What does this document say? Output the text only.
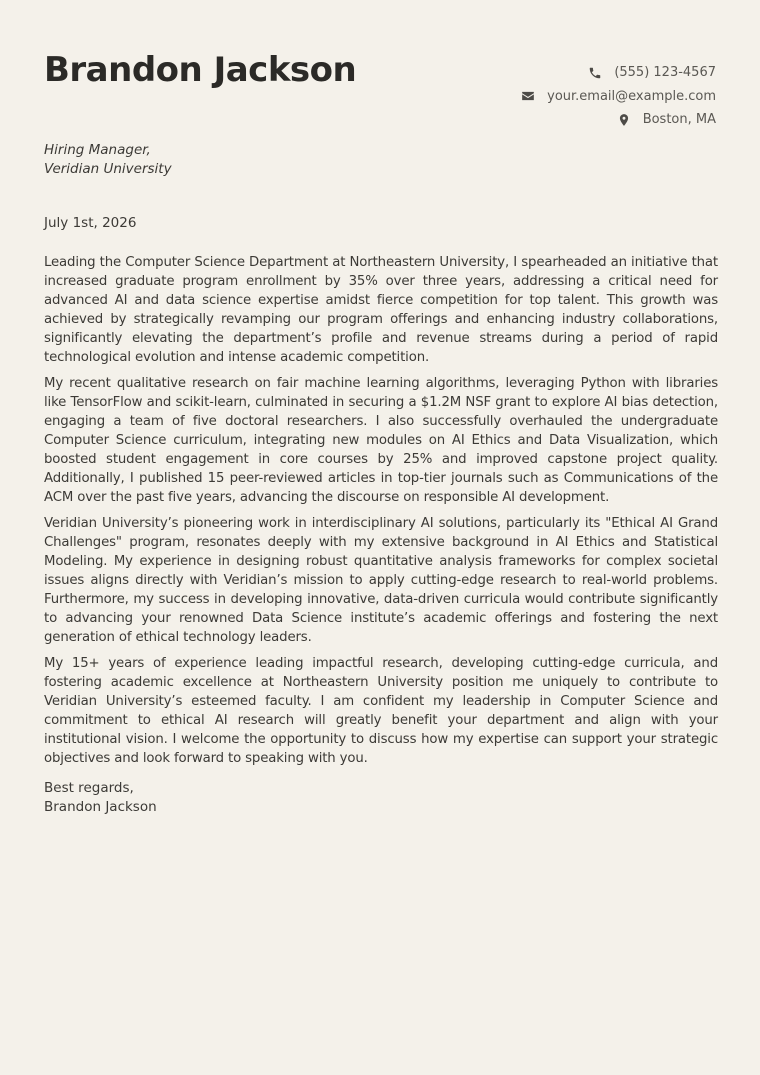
Brandon Jackson	(555) 123-4567
your.email@example.com
Boston, MA
Hiring Manager,
Veridian University
July 1st, 2026

Leading the Computer Science Department at Northeastern University, I spearheaded an initiative that increased graduate program enrollment by 35% over three years, addressing a critical need for advanced AI and data science expertise amidst fierce competition for top talent. This growth was achieved by strategically revamping our program offerings and enhancing industry collaborations, significantly elevating the department’s profile and revenue streams during a period of rapid technological evolution and intense academic competition.

My recent qualitative research on fair machine learning algorithms, leveraging Python with libraries like TensorFlow and scikit-learn, culminated in securing a $1.2M NSF grant to explore AI bias detection, engaging a team of five doctoral researchers. I also successfully overhauled the undergraduate Computer Science curriculum, integrating new modules on AI Ethics and Data Visualization, which boosted student engagement in core courses by 25% and improved capstone project quality. Additionally, I published 15 peer-reviewed articles in top-tier journals such as Communications of the ACM over the past five years, advancing the discourse on responsible AI development.

Veridian University’s pioneering work in interdisciplinary AI solutions, particularly its "Ethical AI Grand Challenges" program, resonates deeply with my extensive background in AI Ethics and Statistical Modeling. My experience in designing robust quantitative analysis frameworks for complex societal issues aligns directly with Veridian’s mission to apply cutting-edge research to real-world problems. Furthermore, my success in developing innovative, data-driven curricula would contribute significantly to advancing your renowned Data Science institute’s academic offerings and fostering the next generation of ethical technology leaders.

My 15+ years of experience leading impactful research, developing cutting-edge curricula, and fostering academic excellence at Northeastern University position me uniquely to contribute to Veridian University’s esteemed faculty. I am confident my leadership in Computer Science and commitment to ethical AI research will greatly benefit your department and align with your institutional vision. I welcome the opportunity to discuss how my expertise can support your strategic objectives and look forward to speaking with you.

Best regards,
Brandon Jackson
